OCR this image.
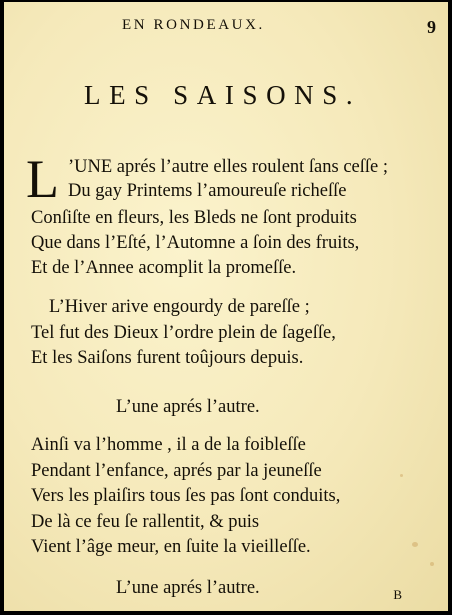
EN RONDEAUX.	9
LES SAISONS.
L ’UNE aprés l’autre elles roulent ſans ceſſe ;
Du gay Printems l’amoureuſe richeſſe
Conſiſte en fleurs, les Bleds ne ſont produits
Que dans l’Eſté, l’Automne a ſoin des fruits,
Et de l’Annee acomplit la promeſſe.
L’Hiver arive engourdy de pareſſe ;
Tel fut des Dieux l’ordre plein de ſageſſe,
Et les Saiſons furent toûjours depuis.
L’une aprés l’autre.
Ainſi va l’homme , il a de la foibleſſe
Pendant l’enfance, aprés par la jeuneſſe
Vers les plaiſirs tous ſes pas ſont conduits,
De là ce feu ſe rallentit, & puis
Vient l’âge meur, en ſuite la vieilleſſe.
L’une aprés l’autre.	B
